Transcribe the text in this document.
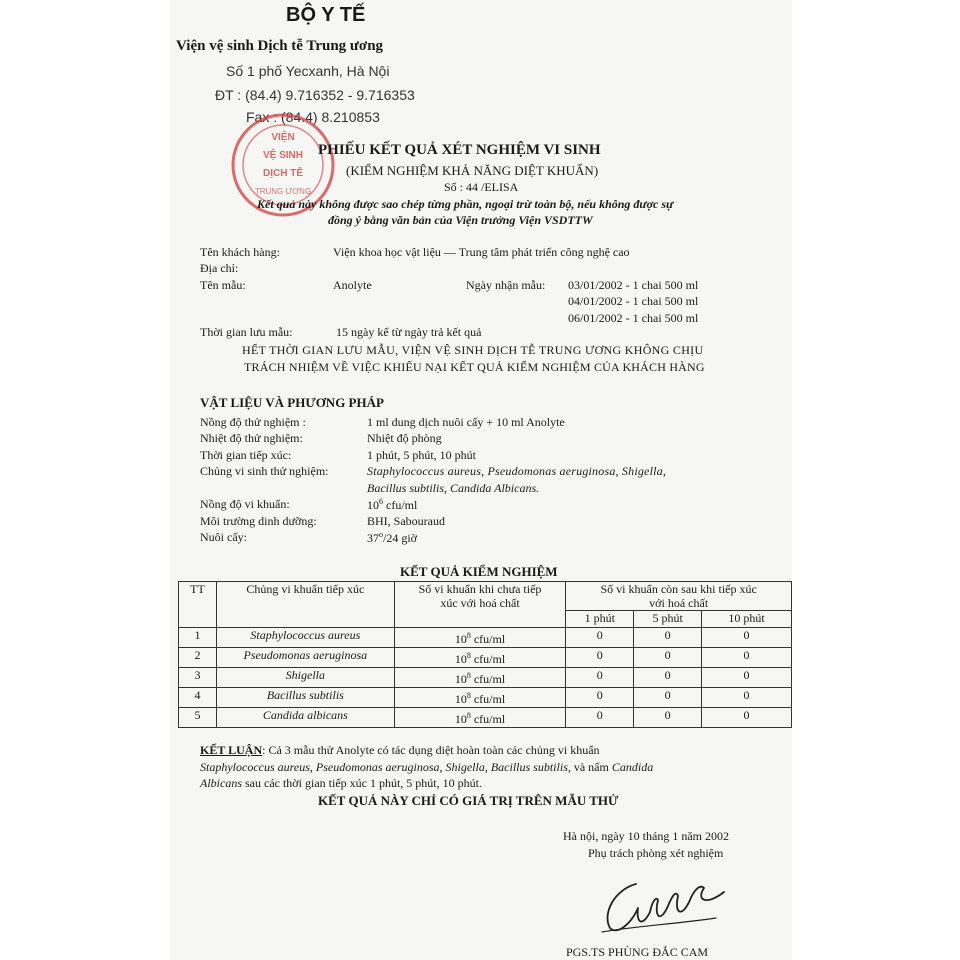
BỘ Y TẾ
Viện vệ sinh Dịch tễ Trung ương
Số 1 phố Yecxanh, Hà Nội
ĐT : (84.4) 9.716352 - 9.716353
Fax : (84.4) 8.210853
VIỆN
VỆ SINH
DỊCH TỄ
TRUNG ƯƠNG
PHIẾU KẾT QUẢ XÉT NGHIỆM VI SINH
(KIỂM NGHIỆM KHẢ NĂNG DIỆT KHUẨN)
Số : 44 /ELISA
Kết quả này không được sao chép từng phần, ngoại trừ toàn bộ, nếu không được sự
đồng ý bằng văn bản của Viện trưởng Viện VSDTTW
Tên khách hàng:	Viện khoa học vật liệu — Trung tâm phát triển công nghệ cao
Địa chỉ:
Tên mẫu:	Anolyte	Ngày nhận mẫu: 03/01/2002 - 1 chai 500 ml
04/01/2002 - 1 chai 500 ml
06/01/2002 - 1 chai 500 ml
Thời gian lưu mẫu:	15 ngày kể từ ngày trả kết quả
HẾT THỜI GIAN LƯU MẪU, VIỆN VỆ SINH DỊCH TỄ TRUNG ƯƠNG KHÔNG CHỊU
TRÁCH NHIỆM VỀ VIỆC KHIẾU NẠI KẾT QUẢ KIỂM NGHIỆM CỦA KHÁCH HÀNG
VẬT LIỆU VÀ PHƯƠNG PHÁP
Nồng độ thử nghiệm :	1 ml dung dịch nuôi cấy + 10 ml Anolyte
Nhiệt độ thử nghiệm:	Nhiệt độ phòng
Thời gian tiếp xúc:	1 phút, 5 phút, 10 phút
Chủng vi sinh thử nghiệm:	Staphylococcus aureus, Pseudomonas aeruginosa, Shigella,
Bacillus subtilis, Candida Albicans.
Nồng độ vi khuẩn:	$10^6$ cfu/ml
Môi trường dinh dưỡng:	BHI, Sabouraud
Nuôi cấy:	37$^o$/24 giờ
KẾT QUẢ KIỂM NGHIỆM
TT	Chủng vi khuẩn tiếp xúc	Số vi khuẩn khi chưa tiếp
xúc với hoá chất	Số vi khuẩn còn sau khi tiếp xúc
với hoá chất		
			1 phút	5 phút	10 phút
1	Staphylococcus aureus	$10^8$ cfu/ml	0	0	0
2	Pseudomonas aeruginosa	$10^8$ cfu/ml	0	0	0
3	Shigella	$10^8$ cfu/ml	0	0	0
4	Bacillus subtilis	$10^8$ cfu/ml	0	0	0
5	Candida albicans	$10^8$ cfu/ml	0	0	0
KẾT LUẬN: Cả 3 mẫu thử Anolyte có tác dụng diệt hoàn toàn các chủng vi khuẩn
Staphylococcus aureus, Pseudomonas aeruginosa, Shigella, Bacillus subtilis, và nấm Candida
Albicans sau các thời gian tiếp xúc 1 phút, 5 phút, 10 phút.
KẾT QUẢ NÀY CHỈ CÓ GIÁ TRỊ TRÊN MẪU THỬ
Hà nội, ngày 10 tháng 1 năm 2002
Phụ trách phòng xét nghiệm
PGS.TS PHÙNG ĐẮC CAM
